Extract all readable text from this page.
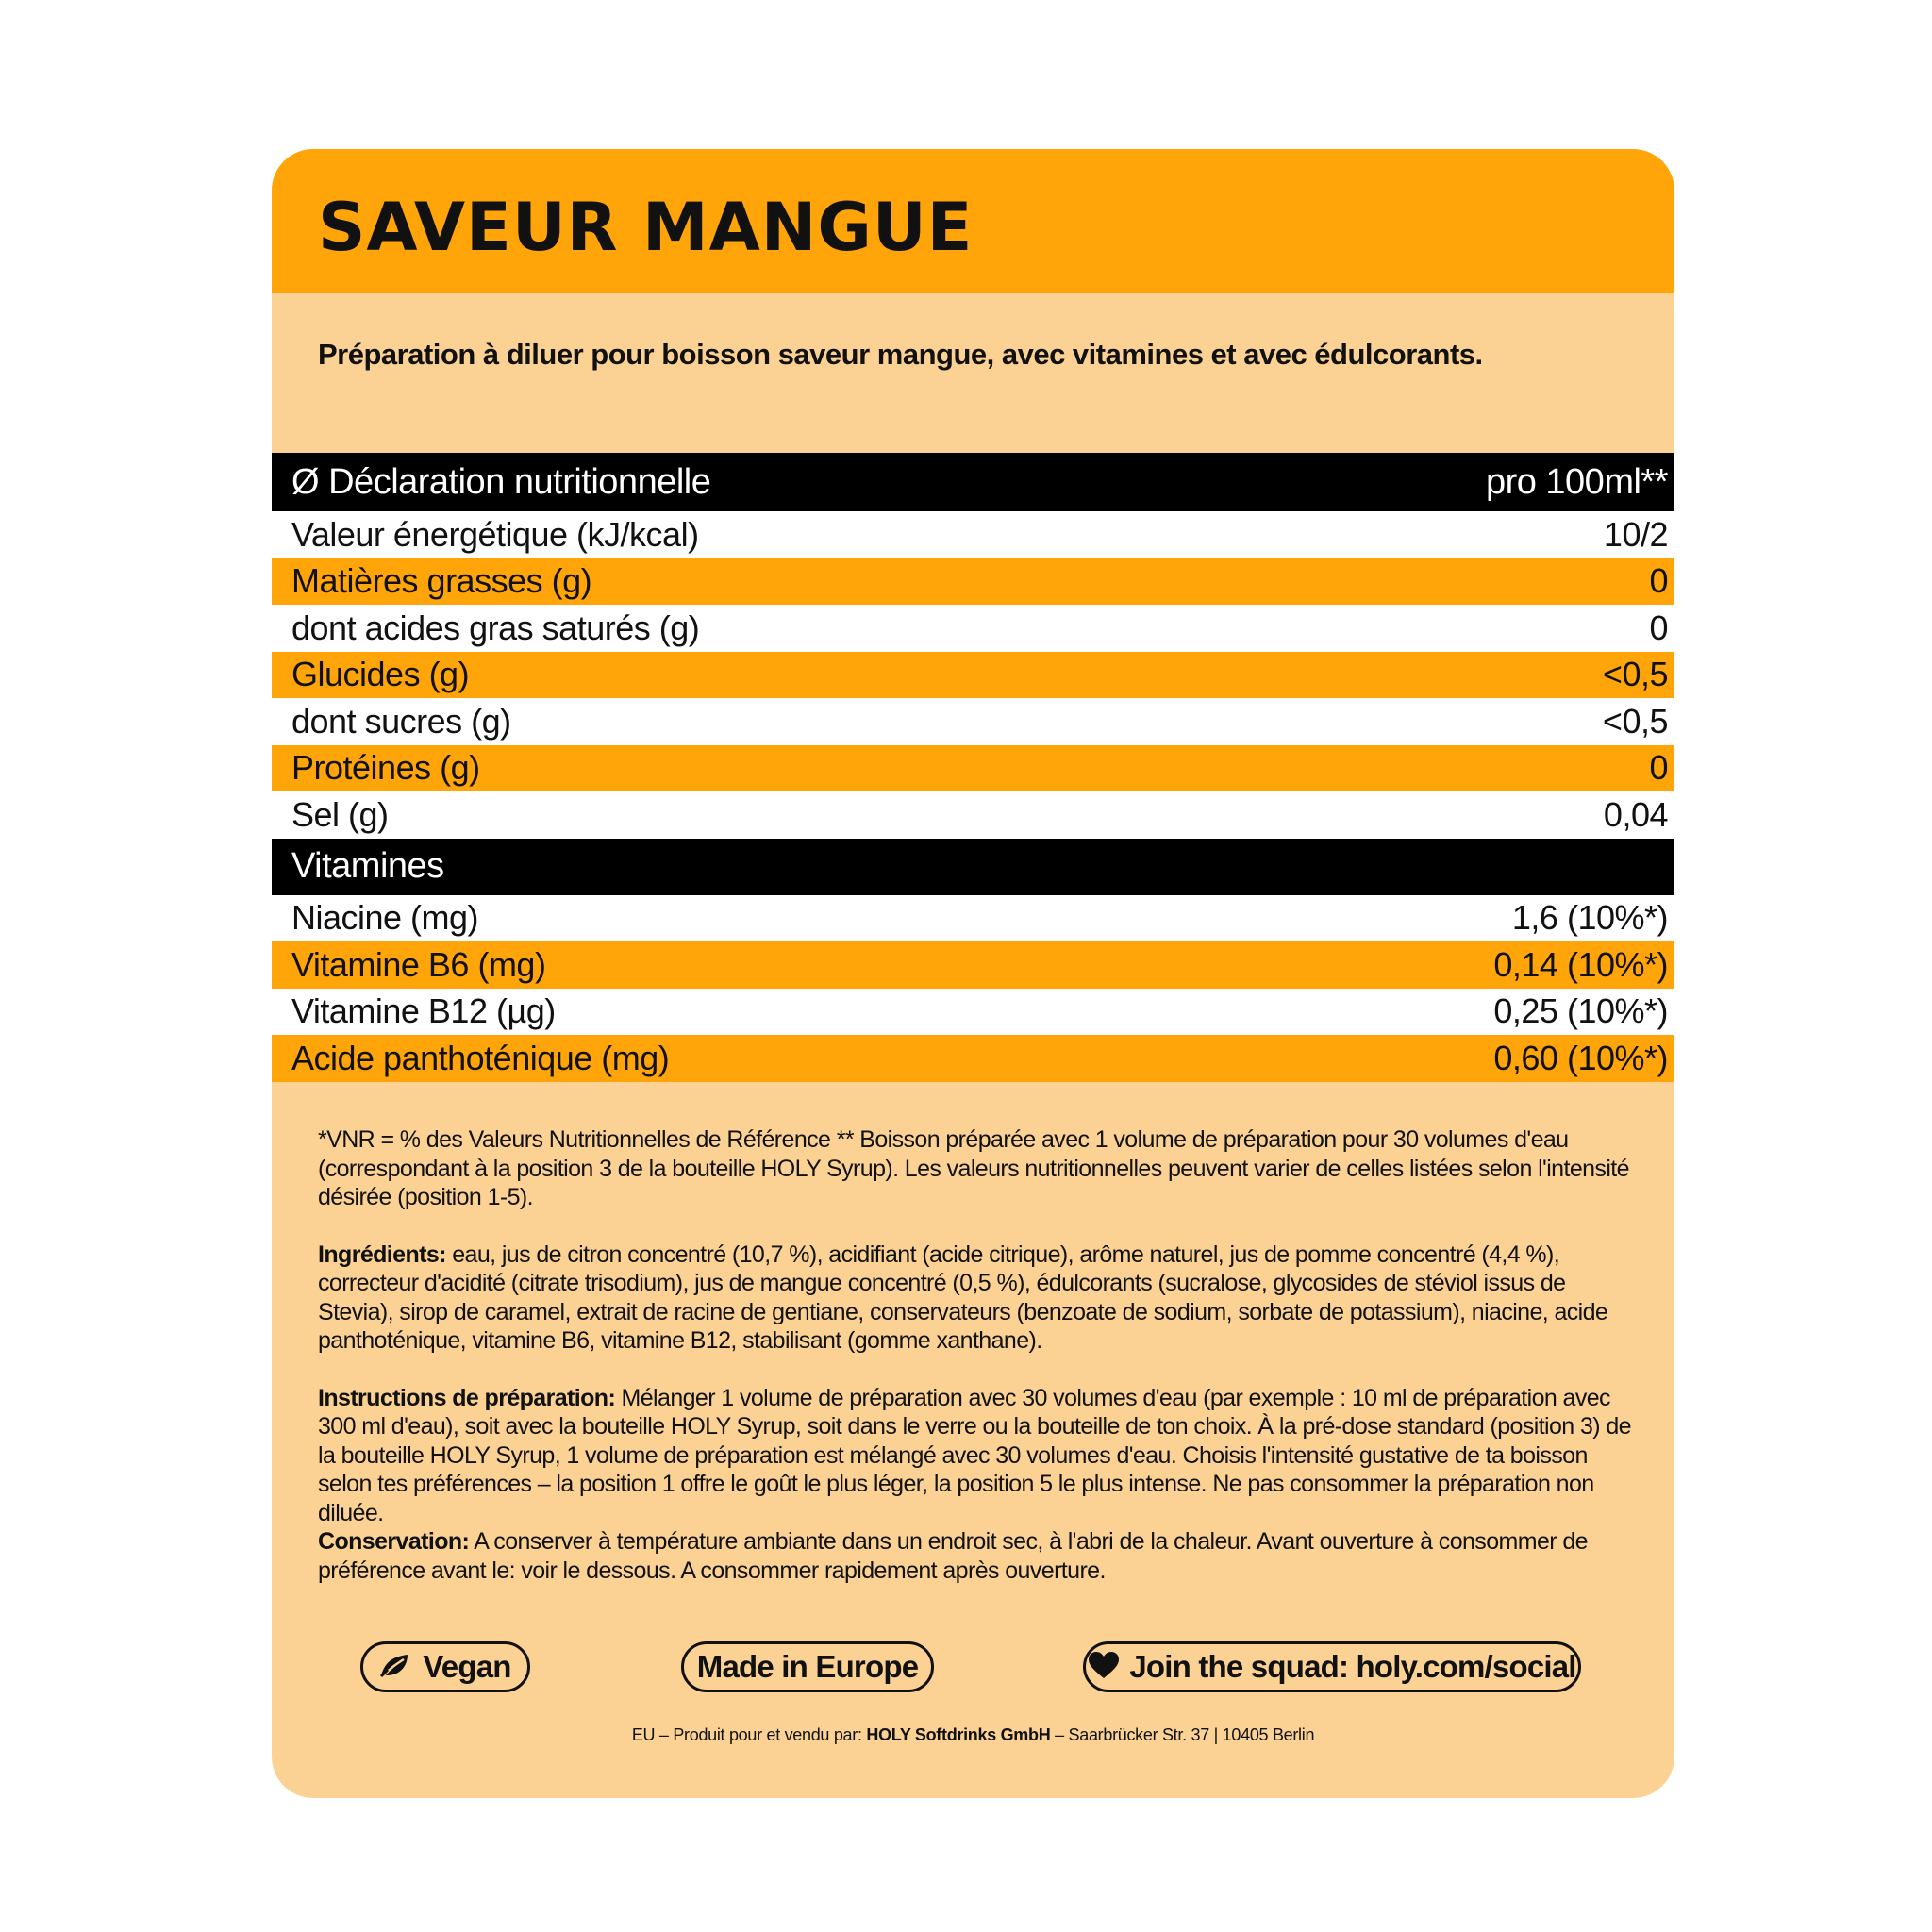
SAVEUR MANGUE
Préparation à diluer pour boisson saveur mangue, avec vitamines et avec édulcorants.
Ø Déclaration nutritionnelle	pro 100ml**
Valeur énergétique (kJ/kcal)	10/2
Matières grasses (g)	0
dont acides gras saturés (g)	0
Glucides (g)	<0,5
dont sucres (g)	<0,5
Protéines (g)	0
Sel (g)	0,04
Vitamines
Niacine (mg)	1,6 (10%*)
Vitamine B6 (mg)	0,14 (10%*)
Vitamine B12 (µg)	0,25 (10%*)
Acide panthoténique (mg)	0,60 (10%*)

*VNR = % des Valeurs Nutritionnelles de Référence ** Boisson préparée avec 1 volume de préparation pour 30 volumes d'eau (correspondant à la position 3 de la bouteille HOLY Syrup). Les valeurs nutritionnelles peuvent varier de celles listées selon l'intensité désirée (position 1-5).

Ingrédients: eau, jus de citron concentré (10,7 %), acidifiant (acide citrique), arôme naturel, jus de pomme concentré (4,4 %), correcteur d'acidité (citrate trisodium), jus de mangue concentré (0,5 %), édulcorants (sucralose, glycosides de stéviol issus de Stevia), sirop de caramel, extrait de racine de gentiane, conservateurs (benzoate de sodium, sorbate de potassium), niacine, acide panthoténique, vitamine B6, vitamine B12, stabilisant (gomme xanthane).

Instructions de préparation: Mélanger 1 volume de préparation avec 30 volumes d'eau (par exemple : 10 ml de préparation avec 300 ml d'eau), soit avec la bouteille HOLY Syrup, soit dans le verre ou la bouteille de ton choix. À la pré-dose standard (position 3) de la bouteille HOLY Syrup, 1 volume de préparation est mélangé avec 30 volumes d'eau. Choisis l'intensité gustative de ta boisson selon tes préférences – la position 1 offre le goût le plus léger, la position 5 le plus intense. Ne pas consommer la préparation non diluée.
Conservation: A conserver à température ambiante dans un endroit sec, à l'abri de la chaleur. Avant ouverture à consommer de préférence avant le: voir le dessous. A consommer rapidement après ouverture.

Vegan	Made in Europe	Join the squad: holy.com/social
EU – Produit pour et vendu par: HOLY Softdrinks GmbH – Saarbrücker Str. 37 | 10405 Berlin
